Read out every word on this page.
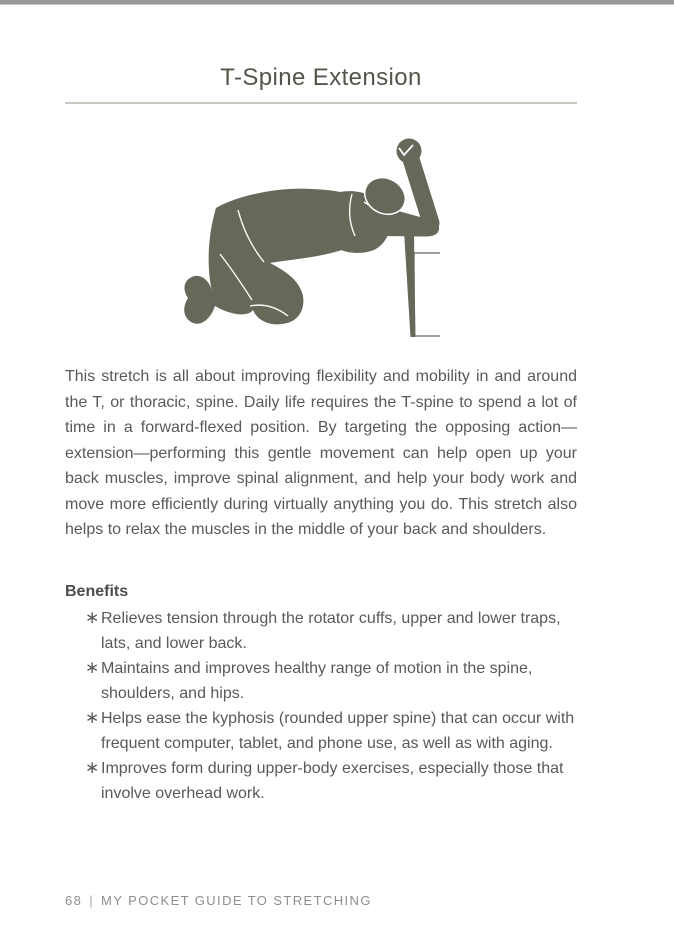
T-Spine Extension

This stretch is all about improving flexibility and mobility in and around the T, or thoracic, spine. Daily life requires the T-spine to spend a lot of time in a forward-flexed position. By targeting the opposing action—extension—performing this gentle movement can help open up your back muscles, improve spinal alignment, and help your body work and move more efficiently during virtually anything you do. This stretch also helps to relax the muscles in the middle of your back and shoulders.

Benefits
∗ Relieves tension through the rotator cuffs, upper and lower traps, lats, and lower back.
∗ Maintains and improves healthy range of motion in the spine, shoulders, and hips.
∗ Helps ease the kyphosis (rounded upper spine) that can occur with frequent computer, tablet, and phone use, as well as with aging.
∗ Improves form during upper-body exercises, especially those that involve overhead work.
68 | MY POCKET GUIDE TO STRETCHING
